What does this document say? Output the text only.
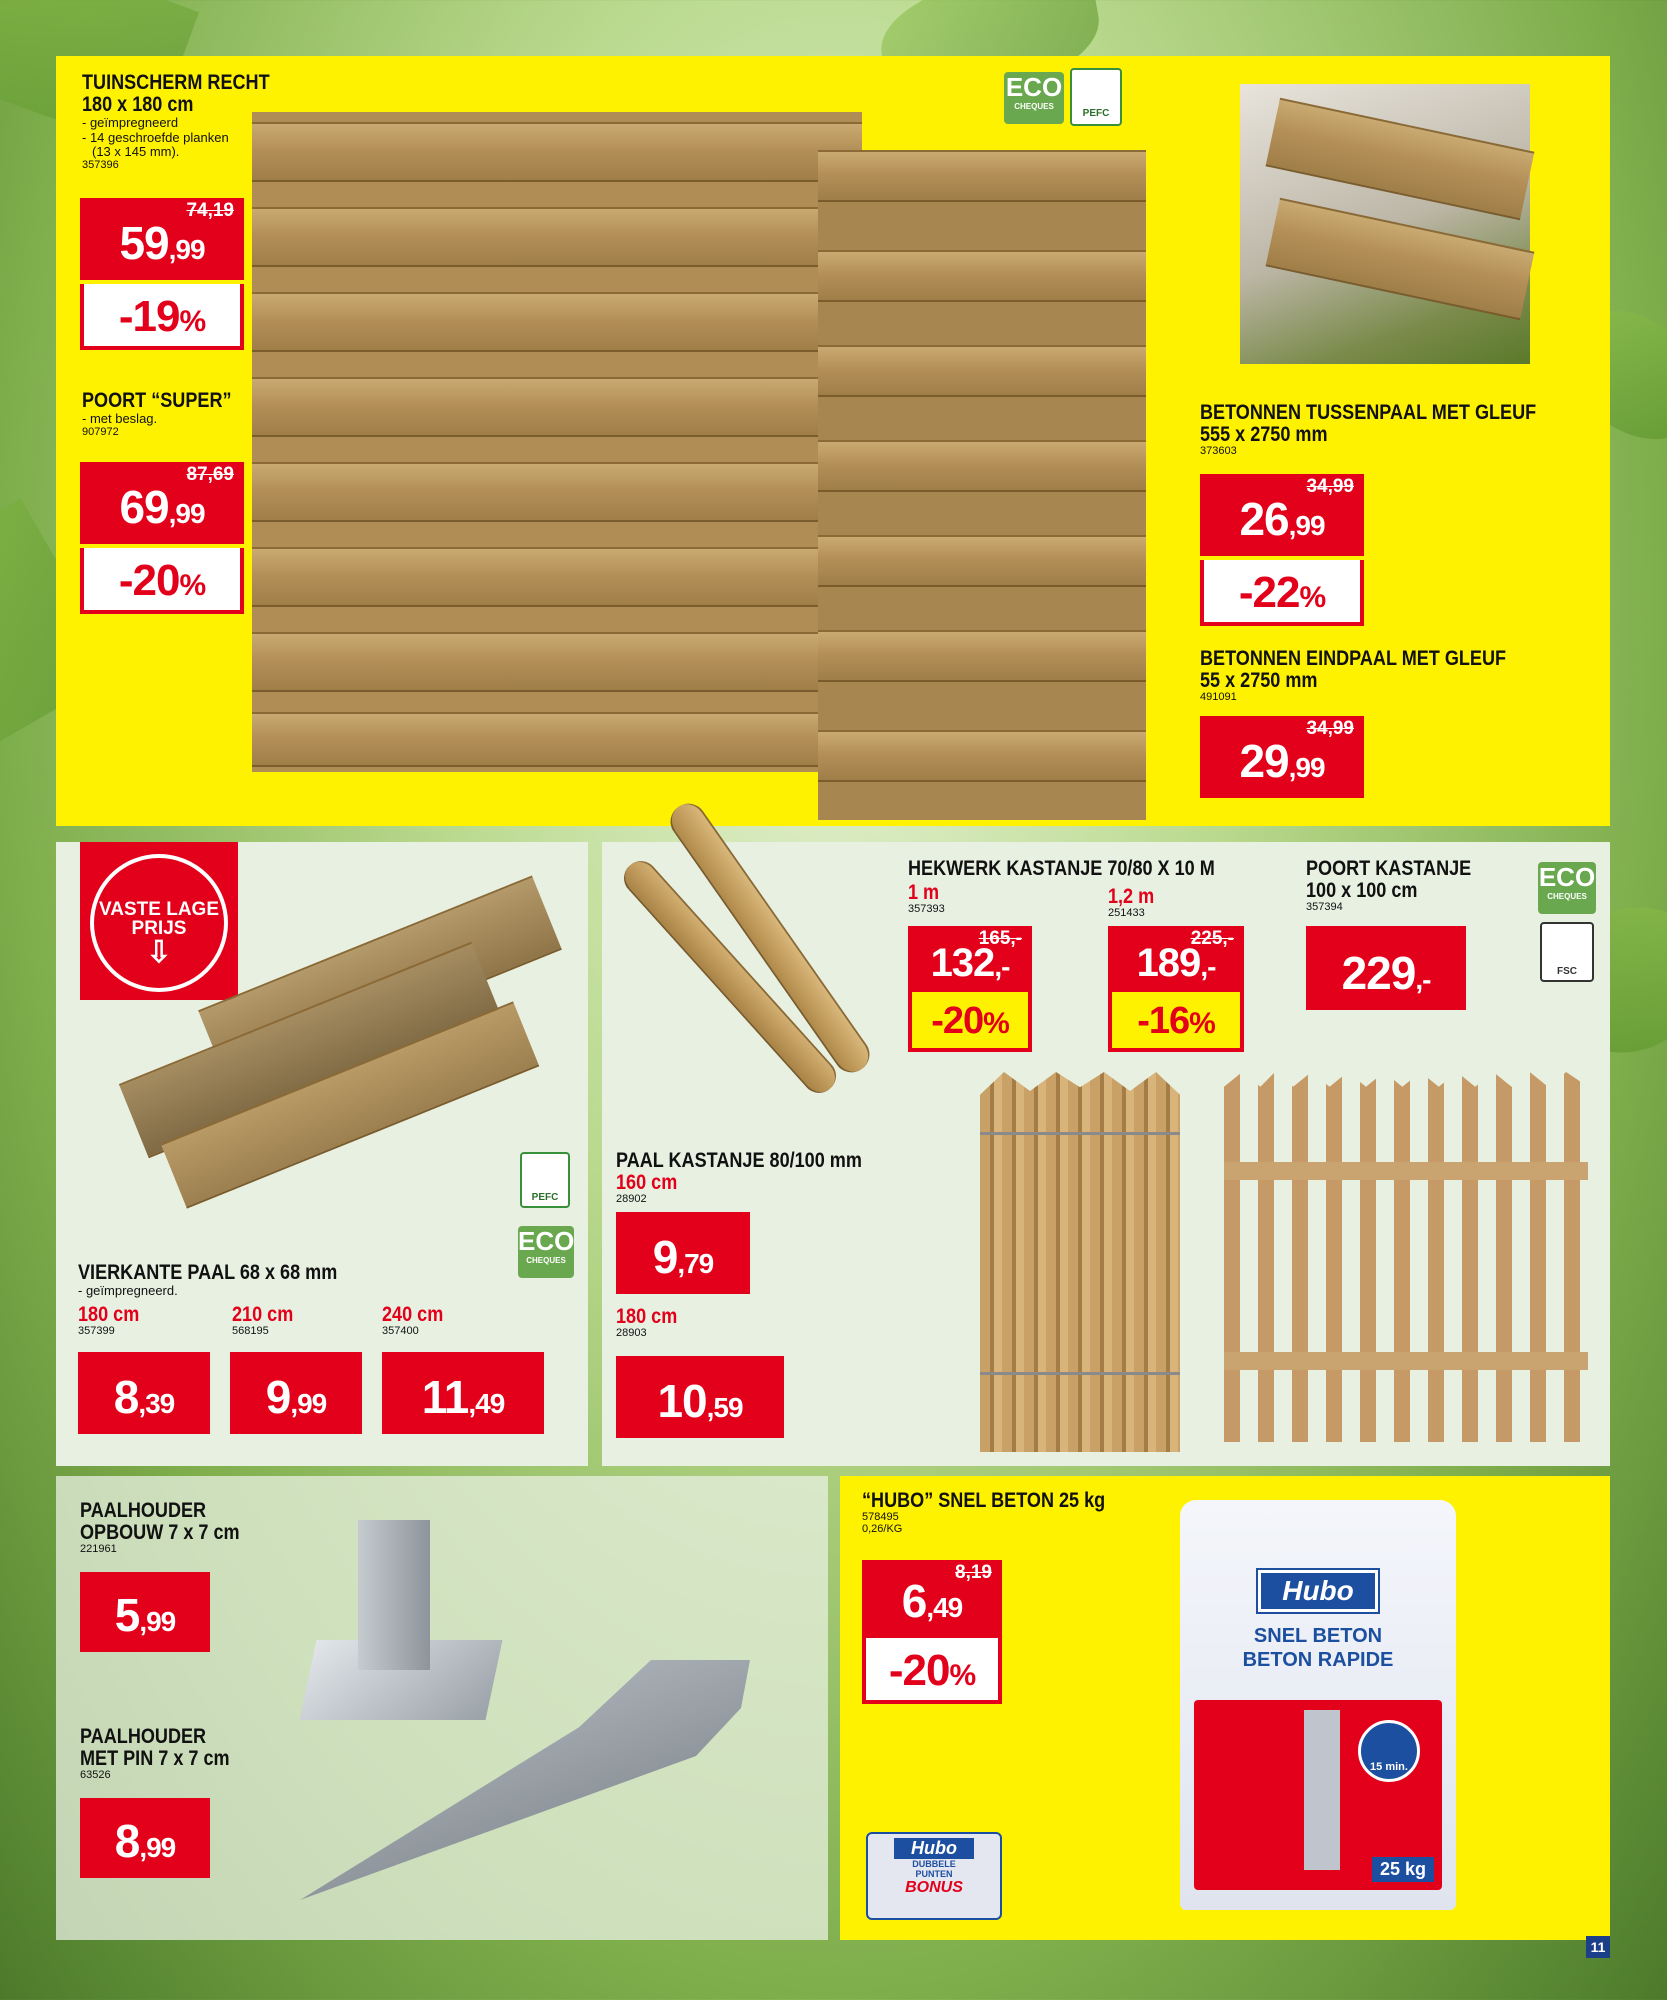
TUINSCHERM RECHT
180 x 180 cm
- geïmpregneerd
- 14 geschroefde planken
(13 x 145 mm).
357396
74,19
59,99
-19%
POORT “SUPER”
- met beslag.
907972
87,69
69,99
-20%
ECO
CHEQUES
PEFC
BETONNEN TUSSENPAAL MET GLEUF
555 x 2750 mm
373603
34,99
26,99
-22%
BETONNEN EINDPAAL MET GLEUF
55 x 2750 mm
491091
34,99
29,99
VASTE LAGE
PRIJS
⇩
PEFC
ECO
CHEQUES
VIERKANTE PAAL 68 x 68 mm
- geïmpregneerd.
180 cm
357399
210 cm
568195
240 cm
357400
8,39	9,99	11,49
HEKWERK KASTANJE 70/80 X 10 M
1 m
357393
1,2 m
251433
165,-
132,-
-20%
225,-
189,-
-16%
POORT KASTANJE
100 x 100 cm
357394
229,-
ECO
CHEQUES
FSC
PAAL KASTANJE 80/100 mm
160 cm
28902
9,79
180 cm
28903
10,59
PAALHOUDER
OPBOUW 7 x 7 cm
221961
5,99
PAALHOUDER
MET PIN 7 x 7 cm
63526
8,99
“HUBO” SNEL BETON 25 kg
578495
0,26/KG
8,19
6,49
-20%
Hubo
SNEL BETON
BETON RAPIDE
15 min.
25 kg
Hubo
DUBBELE
PUNTEN
BONUS
11
